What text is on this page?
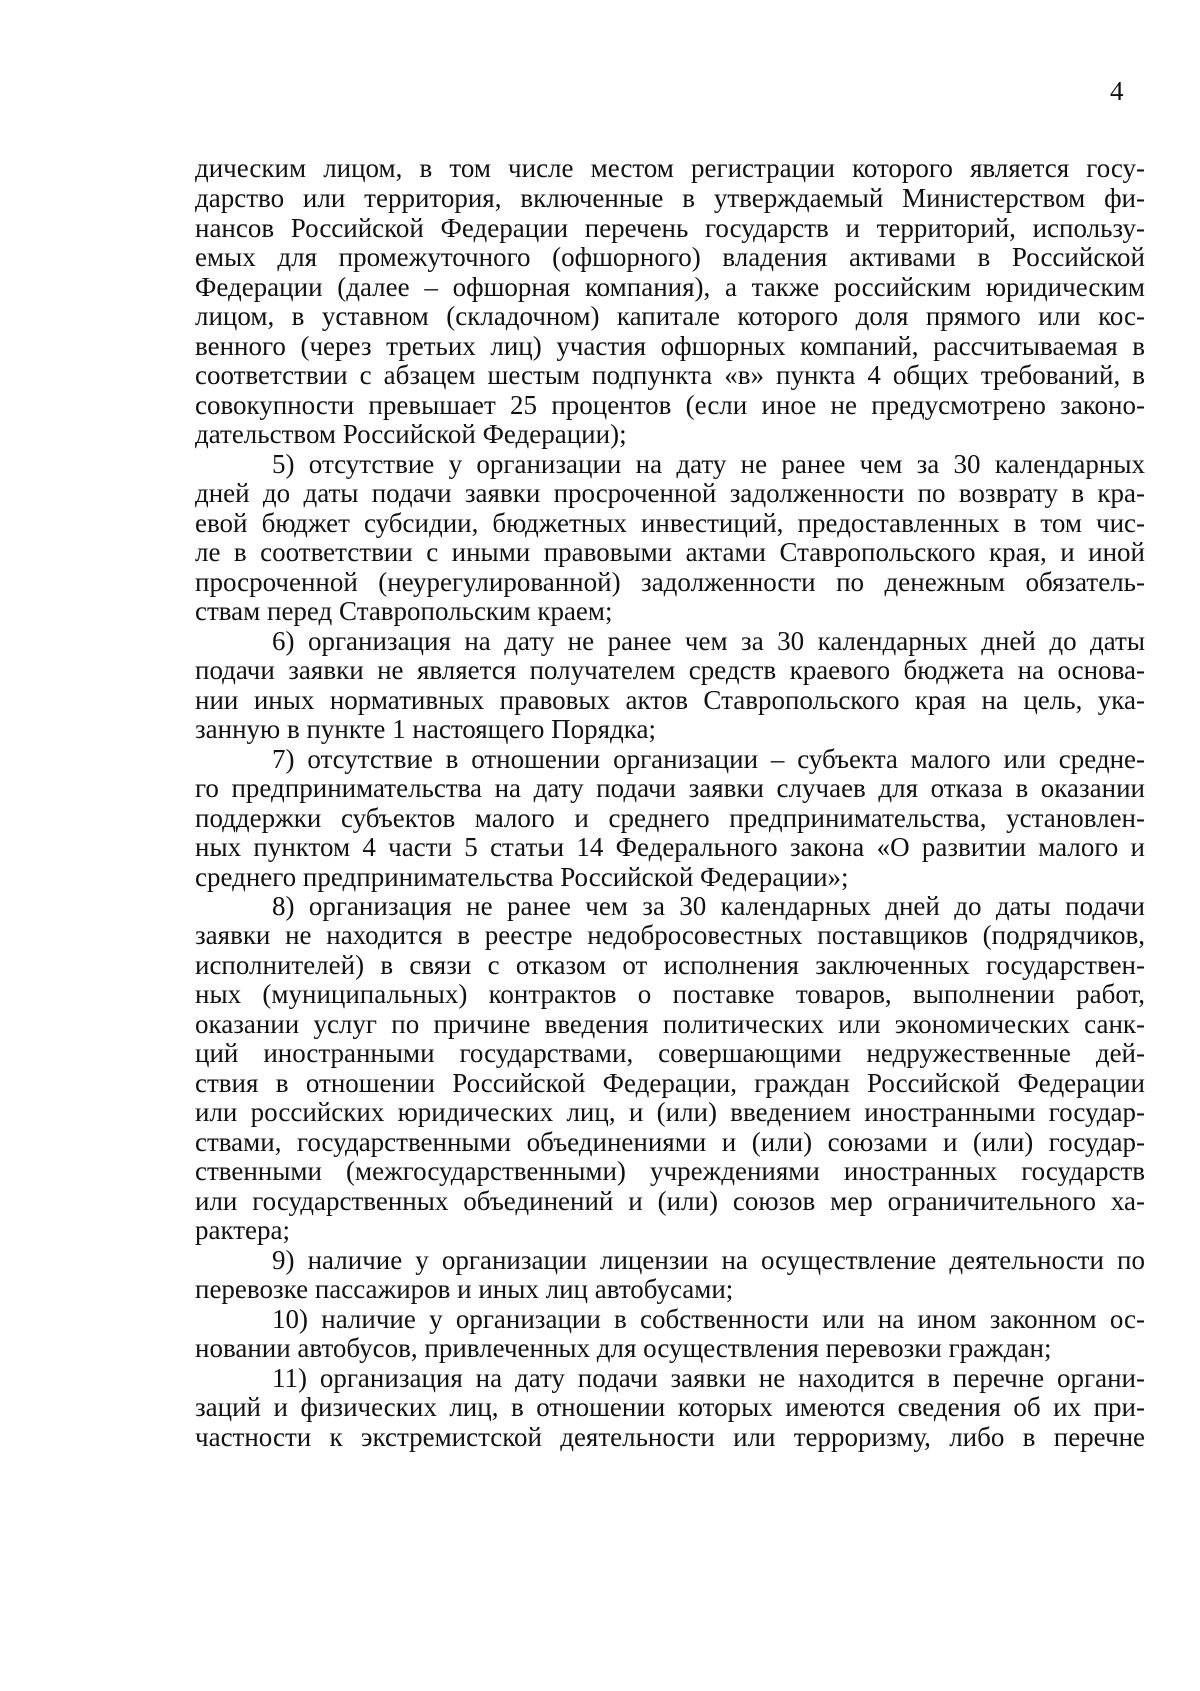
4
дическим лицом, в том числе местом регистрации которого является госу-
дарство или территория, включенные в утверждаемый Министерством фи-
нансов Российской Федерации перечень государств и территорий, использу-
емых для промежуточного (офшорного) владения активами в Российской
Федерации (далее – офшорная компания), а также российским юридическим
лицом, в уставном (складочном) капитале которого доля прямого или кос-
венного (через третьих лиц) участия офшорных компаний, рассчитываемая в
соответствии с абзацем шестым подпункта «в» пункта 4 общих требований, в
совокупности превышает 25 процентов (если иное не предусмотрено законо-
дательством Российской Федерации);
5) отсутствие у организации на дату не ранее чем за 30 календарных
дней до даты подачи заявки просроченной задолженности по возврату в кра-
евой бюджет субсидии, бюджетных инвестиций, предоставленных в том чис-
ле в соответствии с иными правовыми актами Ставропольского края, и иной
просроченной (неурегулированной) задолженности по денежным обязатель-
ствам перед Ставропольским краем;
6) организация на дату не ранее чем за 30 календарных дней до даты
подачи заявки не является получателем средств краевого бюджета на основа-
нии иных нормативных правовых актов Ставропольского края на цель, ука-
занную в пункте 1 настоящего Порядка;
7) отсутствие в отношении организации – субъекта малого или средне-
го предпринимательства на дату подачи заявки случаев для отказа в оказании
поддержки субъектов малого и среднего предпринимательства, установлен-
ных пунктом 4 части 5 статьи 14 Федерального закона «О развитии малого и
среднего предпринимательства Российской Федерации»;
8) организация не ранее чем за 30 календарных дней до даты подачи
заявки не находится в реестре недобросовестных поставщиков (подрядчиков,
исполнителей) в связи с отказом от исполнения заключенных государствен-
ных (муниципальных) контрактов о поставке товаров, выполнении работ,
оказании услуг по причине введения политических или экономических санк-
ций иностранными государствами, совершающими недружественные дей-
ствия в отношении Российской Федерации, граждан Российской Федерации
или российских юридических лиц, и (или) введением иностранными государ-
ствами, государственными объединениями и (или) союзами и (или) государ-
ственными (межгосударственными) учреждениями иностранных государств
или государственных объединений и (или) союзов мер ограничительного ха-
рактера;
9) наличие у организации лицензии на осуществление деятельности по
перевозке пассажиров и иных лиц автобусами;
10) наличие у организации в собственности или на ином законном ос-
новании автобусов, привлеченных для осуществления перевозки граждан;
11) организация на дату подачи заявки не находится в перечне органи-
заций и физических лиц, в отношении которых имеются сведения об их при-
частности к экстремистской деятельности или терроризму, либо в перечне
